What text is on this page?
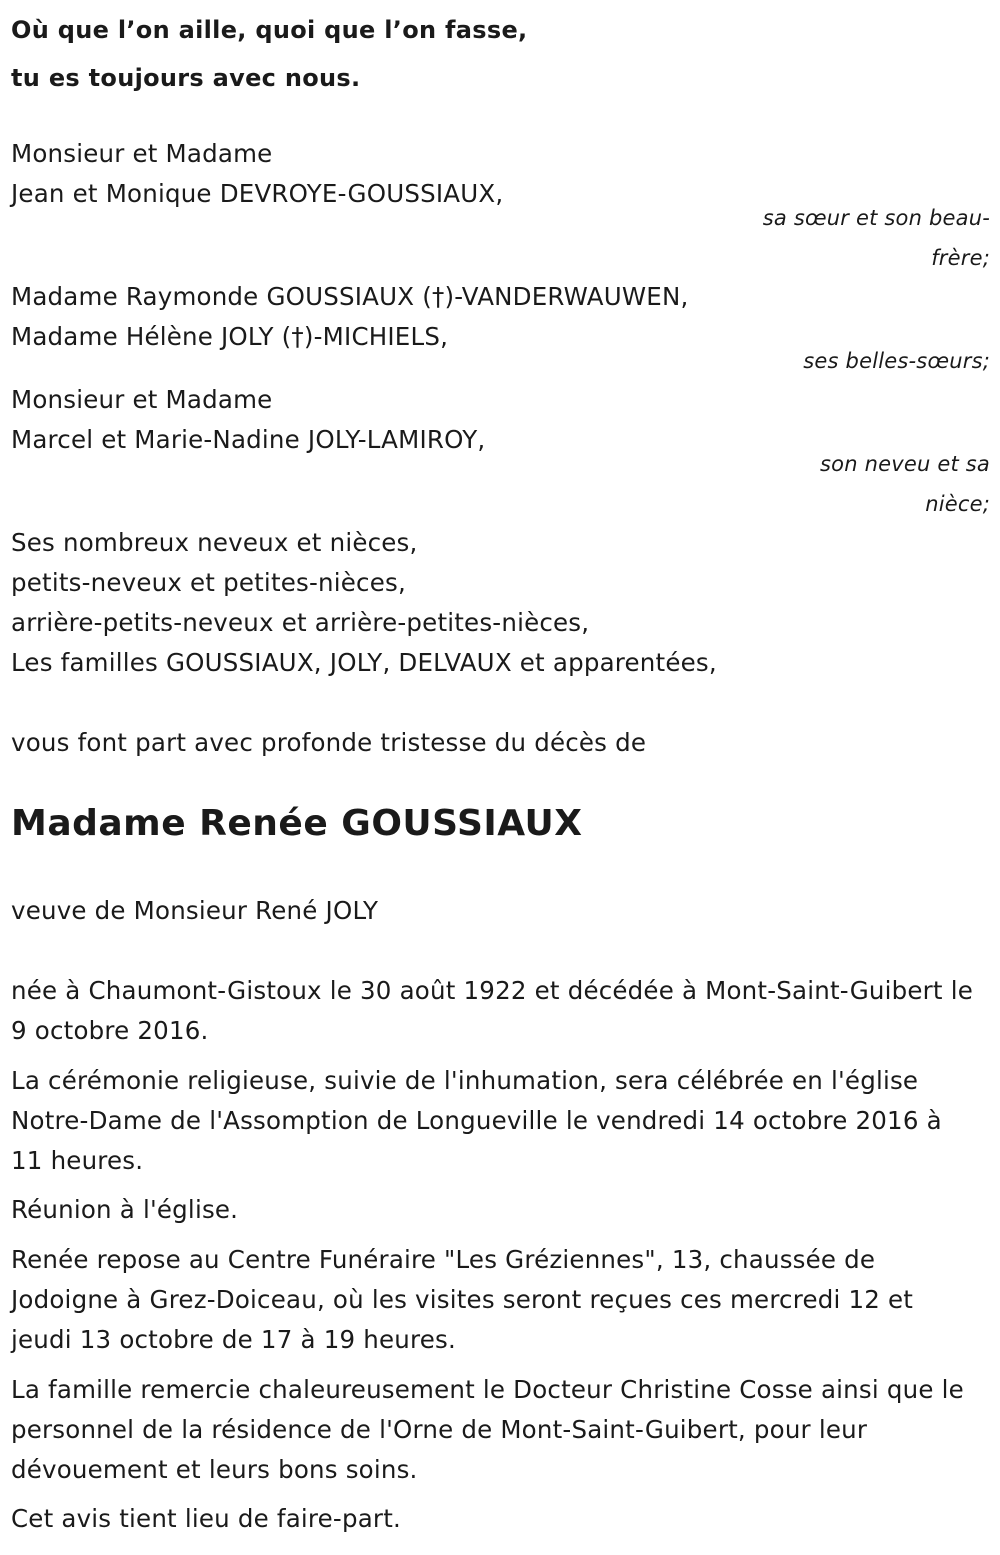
Où que l’on aille, quoi que l’on fasse,
tu es toujours avec nous.
Monsieur et Madame
Jean et Monique DEVROYE-GOUSSIAUX,
sa sœur et son beau-frère;
Madame Raymonde GOUSSIAUX (†)-VANDERWAUWEN,
Madame Hélène JOLY (†)-MICHIELS,
ses belles-sœurs;
Monsieur et Madame
Marcel et Marie-Nadine JOLY-LAMIROY,
son neveu et sa nièce;
Ses nombreux neveux et nièces,
petits-neveux et petites-nièces,
arrière-petits-neveux et arrière-petites-nièces,
Les familles GOUSSIAUX, JOLY, DELVAUX et apparentées,
vous font part avec profonde tristesse du décès de
Madame Renée GOUSSIAUX
veuve de Monsieur René JOLY
née à Chaumont-Gistoux le 30 août 1922 et décédée à Mont-Saint-Guibert le 9 octobre 2016.
La cérémonie religieuse, suivie de l'inhumation, sera célébrée en l'église Notre-Dame de l'Assomption de Longueville le vendredi 14 octobre 2016 à 11 heures.
Réunion à l'église.
Renée repose au Centre Funéraire "Les Gréziennes", 13, chaussée de Jodoigne à Grez-Doiceau, où les visites seront reçues ces mercredi 12 et jeudi 13 octobre de 17 à 19 heures.
La famille remercie chaleureusement le Docteur Christine Cosse ainsi que le personnel de la résidence de l'Orne de Mont-Saint-Guibert, pour leur dévouement et leurs bons soins.
Cet avis tient lieu de faire-part.
